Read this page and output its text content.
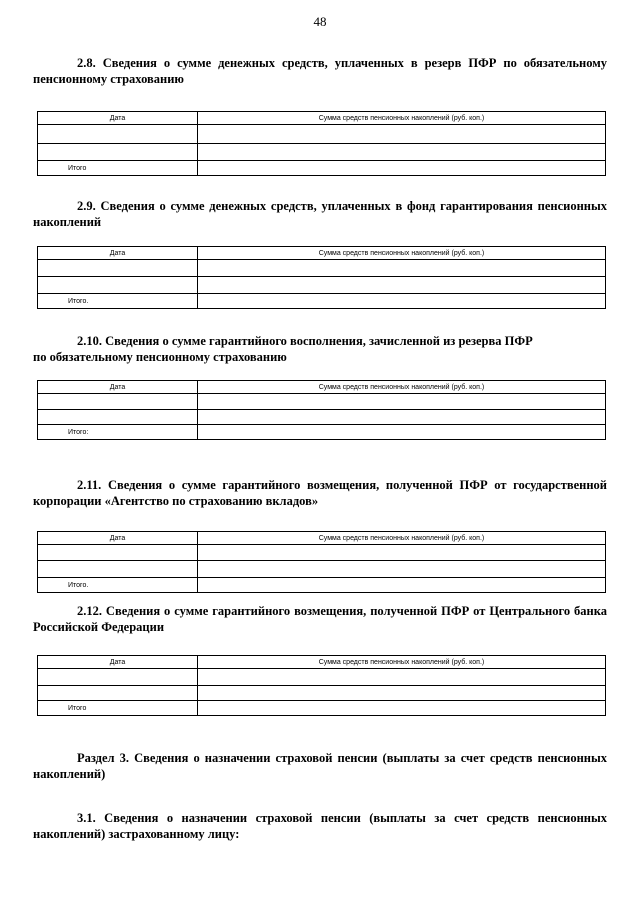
48
2.8. Сведения о сумме денежных средств, уплаченных в резерв ПФР по обязательному пенсионному страхованию
Дата	Сумма средств пенсионных накоплений (руб. коп.)

Итого	
2.9. Сведения о сумме денежных средств, уплаченных в фонд гарантирования пенсионных накоплений
Дата	Сумма средств пенсионных накоплений (руб. коп.)

Итого.	
2.10. Сведения о сумме гарантийного восполнения, зачисленной из резерва ПФР
по обязательному пенсионному страхованию
Дата	Сумма средств пенсионных накоплений (руб. коп.)

Итого:	
2.11. Сведения о сумме гарантийного возмещения, полученной ПФР от государственной корпорации «Агентство по страхованию вкладов»
Дата	Сумма средств пенсионных накоплений (руб. коп.)

Итого.	
2.12. Сведения о сумме гарантийного возмещения, полученной ПФР от Центрального банка Российской Федерации
Дата	Сумма средств пенсионных накоплений (руб. коп.)

Итого	
Раздел 3. Сведения о назначении страховой пенсии (выплаты за счет средств пенсионных накоплений)
3.1. Сведения о назначении страховой пенсии (выплаты за счет средств пенсионных накоплений) застрахованному лицу:
